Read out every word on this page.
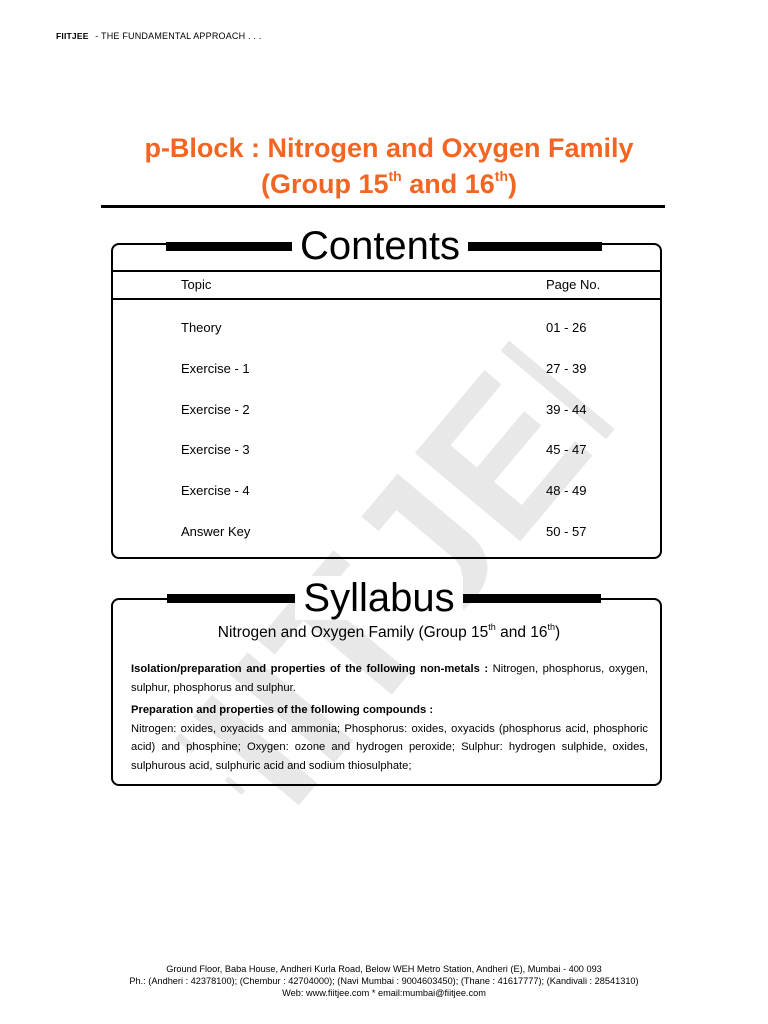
FIITJEE - THE FUNDAMENTAL APPROACH . . .
p-Block : Nitrogen and Oxygen Family
(Group 15th and 16th)
FIITJEE
Contents
Topic	Page No.
Theory	01 - 26
Exercise - 1	27 - 39
Exercise - 2	39 - 44
Exercise - 3	45 - 47
Exercise - 4	48 - 49
Answer Key	50 - 57
Syllabus
Nitrogen and Oxygen Family (Group 15th and 16th)
Isolation/preparation and properties of the following non-metals : Nitrogen, phosphorus, oxygen, sulphur, phosphorus and sulphur.
Preparation and properties of the following compounds :
Nitrogen: oxides, oxyacids and ammonia; Phosphorus: oxides, oxyacids (phosphorus acid, phosphoric acid) and phosphine; Oxygen: ozone and hydrogen peroxide; Sulphur: hydrogen sulphide, oxides, sulphurous acid, sulphuric acid and sodium thiosulphate;
Ground Floor, Baba House, Andheri Kurla Road, Below WEH Metro Station, Andheri (E), Mumbai - 400 093
Ph.: (Andheri : 42378100); (Chembur : 42704000); (Navi Mumbai : 9004603450); (Thane : 41617777); (Kandivali : 28541310)
Web: www.fiitjee.com * email:mumbai@fiitjee.com
